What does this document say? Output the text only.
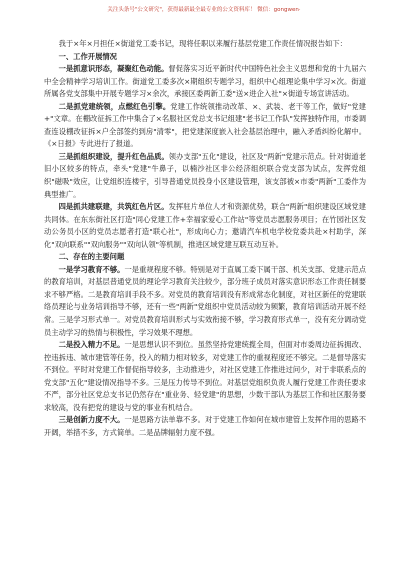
关注头条号"公文研究"，获得最新最全最专业的公文资料库！ 微信：gongwen·

我于×年×月担任×街道党工委书记，现将任职以来履行基层党建工作责任情况报告如下：

一、工作开展情况

一是抓意识形态，凝聚红色动能。督促落实习近平新时代中国特色社会主义思想和党的十九届六中全会精神学习培训工作。街道党工委多次×期组织专题学习，组织中心组理论集中学习×次。街道所属各党支部集中开展专题学习×余次，承接区委两新工委"送×进企入社"×街道专场宣讲活动。

二是抓党建统领，点燃红色引擎。党建工作统领推动改革、×、武装、老干等工作，做好"党建+"文章。在棚改征拆工作中集合了×名服社区党总支书记组建"老书记工作队"发挥独特作用，市委调查连设棚改征拆×户全部签约到房"清零"，把党建深度嵌入社会基层治理中，融入矛盾纠纷化解中。《×日报》专此进行了报道。

三是抓组织建设，提升红色品质。领办支部"五化"建设，社区及"两新"党建示范点。针对街道老旧小区较多的特点，牵头"党建"牛鼻子，以楠沙社区非公经济组织联合党支部为试点，发挥党组织"磁吸"效应，让党组织连楼宇，引导普通党员投身小区建设管理，该支部被×市委"两新"工委作为典型推广。

四是抓共建联建，共筑红色片区。发挥驻片单位人才和资源优势，联合"两新"组织建设区域党建共同体。在东东街社区打造"同心党建工作+幸福家爱心工作站"等党员志愿服务项目；在竹园社区发动公务员小区的党员志愿者打造"联心社"，形成向心力；邀请汽车机电学校党委共赴×村助学，深化"双向联系""双向服务""双向认领"等机制，推进区域党建互联互动互补。

二、存在的主要问题

一是学习教育不够。一是重规程度不够。特别是对于直属工委下属干部、机关支部、党建示范点的教育培训，对基层普通党员的理论学习教育关注较少，部分班子成员对落实意识形态工作责任制要求不够严格。二是教育培训手段不多。对党员的教育培训没有形成常态化制度，对社区新任的党建联络员理论与业务培训指导不够，还有一些"两新"党组织中党员活动较为频繁，教育培训活动开展不经常。三是学习形式单一。对党员教育培训形式与实效衔接不够，学习教育形式单一，没有充分调动党员主动学习的热情与积极性，学习效果不理想。

二是投入精力不足。一是思想认识不到位。虽然坚持党建统揽全局，但面对市委周边征拆拥改、控违拆违、城市建管等任务，投入的精力相对较多，对党建工作的重视程度还不够完。二是督导落实不到位。平时对党建工作督促指导较多，主动推进少，对社区党建工作推进过问少，对于非联系点的党支部"五化"建设情况指导不多。三是压力传导不到位。对基层党组织负责人履行党建工作责任要求不严，部分社区党总支书记仍然存在"重业务、轻党建"的思想，少数干部认为基层工作和社区服务要求较高，没有把党的建设与党的事业有机结合。

三是创新力度不大。一是思路方法单靠不多。对于党建工作如何在城市建管上发挥作用的思路不开阔，举措不多，方式简单。二是品牌辐射力度不强。
